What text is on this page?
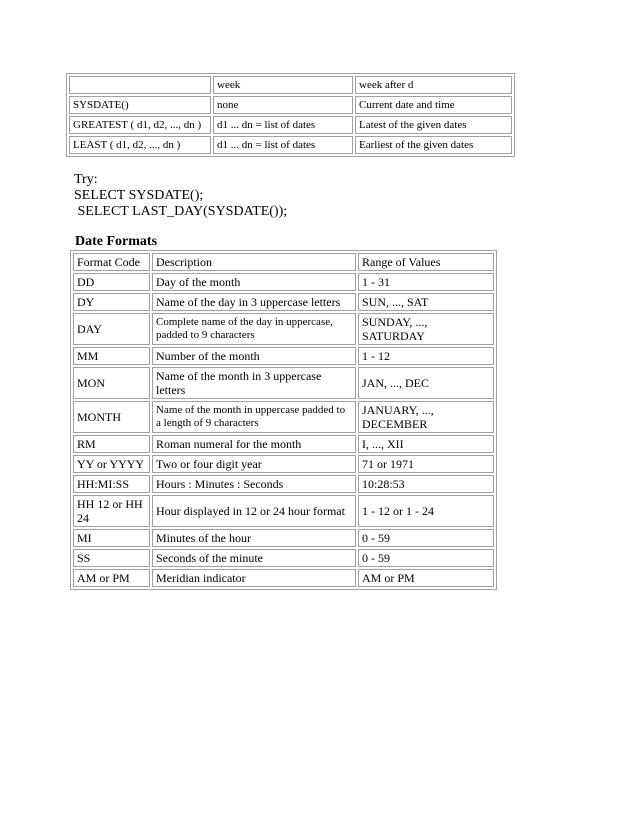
	week	week after d
SYSDATE()	none	Current date and time
GREATEST ( d1, d2, ..., dn )	d1 ... dn = list of dates	Latest of the given dates
LEAST ( d1, d2, ..., dn )	d1 ... dn = list of dates	Earliest of the given dates
Try:
SELECT SYSDATE();
SELECT LAST_DAY(SYSDATE());
Date Formats
Format Code	Description	Range of Values
DD	Day of the month	1 - 31
DY	Name of the day in 3 uppercase letters	SUN, ..., SAT
DAY	Complete name of the day in uppercase, padded to 9 characters	SUNDAY, ..., SATURDAY
MM	Number of the month	1 - 12
MON	Name of the month in 3 uppercase letters	JAN, ..., DEC
MONTH	Name of the month in uppercase padded to a length of 9 characters	JANUARY, ..., DECEMBER
RM	Roman numeral for the month	I, ..., XII
YY or YYYY	Two or four digit year	71 or 1971
HH:MI:SS	Hours : Minutes : Seconds	10:28:53
HH 12 or HH 24	Hour displayed in 12 or 24 hour format	1 - 12 or 1 - 24
MI	Minutes of the hour	0 - 59
SS	Seconds of the minute	0 - 59
AM or PM	Meridian indicator	AM or PM
